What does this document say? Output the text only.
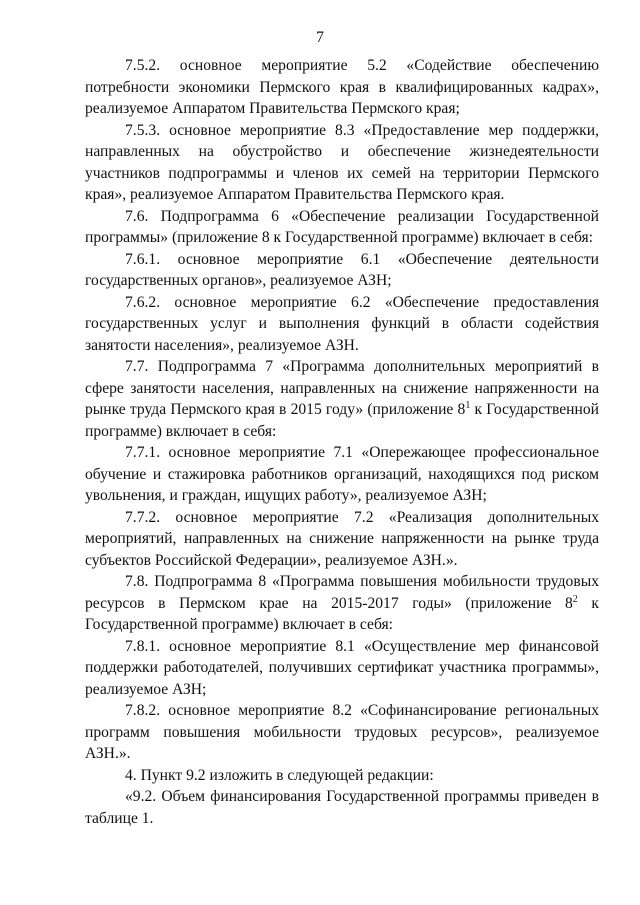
7

7.5.2. основное мероприятие 5.2 «Содействие обеспечению потребности экономики Пермского края в квалифицированных кадрах», реализуемое Аппаратом Правительства Пермского края;

7.5.3. основное мероприятие 8.3 «Предоставление мер поддержки, направленных на обустройство и обеспечение жизнедеятельности участников подпрограммы и членов их семей на территории Пермского края», реализуемое Аппаратом Правительства Пермского края.

7.6. Подпрограмма 6 «Обеспечение реализации Государственной программы» (приложение 8 к Государственной программе) включает в себя:

7.6.1. основное мероприятие 6.1 «Обеспечение деятельности государственных органов», реализуемое АЗН;

7.6.2. основное мероприятие 6.2 «Обеспечение предоставления государственных услуг и выполнения функций в области содействия занятости населения», реализуемое АЗН.

7.7. Подпрограмма 7 «Программа дополнительных мероприятий в сфере занятости населения, направленных на снижение напряженности на рынке труда Пермского края в 2015 году» (приложение $8^1$ к Государственной программе) включает в себя:

7.7.1. основное мероприятие 7.1 «Опережающее профессиональное обучение и стажировка работников организаций, находящихся под риском увольнения, и граждан, ищущих работу», реализуемое АЗН;

7.7.2. основное мероприятие 7.2 «Реализация дополнительных мероприятий, направленных на снижение напряженности на рынке труда субъектов Российской Федерации», реализуемое АЗН.».

7.8. Подпрограмма 8 «Программа повышения мобильности трудовых ресурсов в Пермском крае на 2015-2017 годы» (приложение $8^2$ к Государственной программе) включает в себя:

7.8.1. основное мероприятие 8.1 «Осуществление мер финансовой поддержки работодателей, получивших сертификат участника программы», реализуемое АЗН;

7.8.2. основное мероприятие 8.2 «Софинансирование региональных программ повышения мобильности трудовых ресурсов», реализуемое АЗН.».

4. Пункт 9.2 изложить в следующей редакции:

«9.2. Объем финансирования Государственной программы приведен в таблице 1.
